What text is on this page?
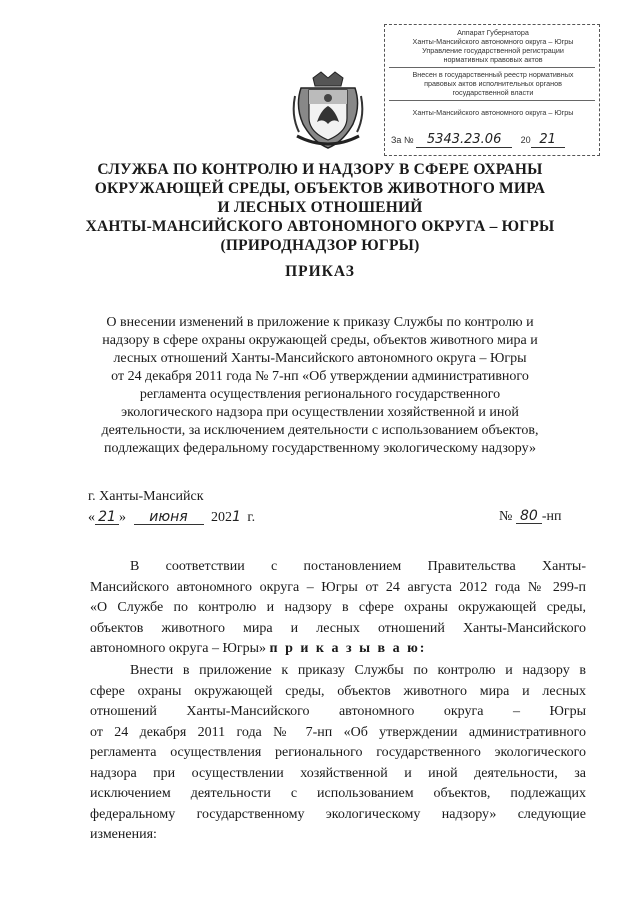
Аппарат Губернатора
Ханты-Мансийского автономного округа – Югры
Управление государственной регистрации
нормативных правовых актов
Внесен в государственный реестр нормативных
правовых актов исполнительных органов
государственной власти
Ханты-Мансийского автономного округа – Югры
За № 5343.23.06 20 21
СЛУЖБА ПО КОНТРОЛЮ И НАДЗОРУ В СФЕРЕ ОХРАНЫ
ОКРУЖАЮЩЕЙ СРЕДЫ, ОБЪЕКТОВ ЖИВОТНОГО МИРА
И ЛЕСНЫХ ОТНОШЕНИЙ
ХАНТЫ-МАНСИЙСКОГО АВТОНОМНОГО ОКРУГА – ЮГРЫ
(ПРИРОДНАДЗОР ЮГРЫ)
ПРИКАЗ
О внесении изменений в приложение к приказу Службы по контролю и
надзору в сфере охраны окружающей среды, объектов животного мира и
лесных отношений Ханты-Мансийского автономного округа – Югры
от 24 декабря 2011 года № 7-нп «Об утверждении административного
регламента осуществления регионального государственного
экологического надзора при осуществлении хозяйственной и иной
деятельности, за исключением деятельности с использованием объектов,
подлежащих федеральному государственному экологическому надзору»
г. Ханты-Мансийск
« 21 » июня 2021 г.	№ 80 -нп
В соответствии с постановлением Правительства Ханты-
Мансийского автономного округа – Югры от 24 августа 2012 года № 299-п
«О Службе по контролю и надзору в сфере охраны окружающей среды,
объектов животного мира и лесных отношений Ханты-Мансийского
автономного округа – Югры» п р и к а з ы в а ю:
Внести в приложение к приказу Службы по контролю и надзору в
сфере охраны окружающей среды, объектов животного мира и лесных
отношений Ханты-Мансийского автономного округа – Югры
от 24 декабря 2011 года № 7-нп «Об утверждении административного
регламента осуществления регионального государственного экологического
надзора при осуществлении хозяйственной и иной деятельности, за
исключением деятельности с использованием объектов, подлежащих
федеральному государственному экологическому надзору» следующие
изменения:
